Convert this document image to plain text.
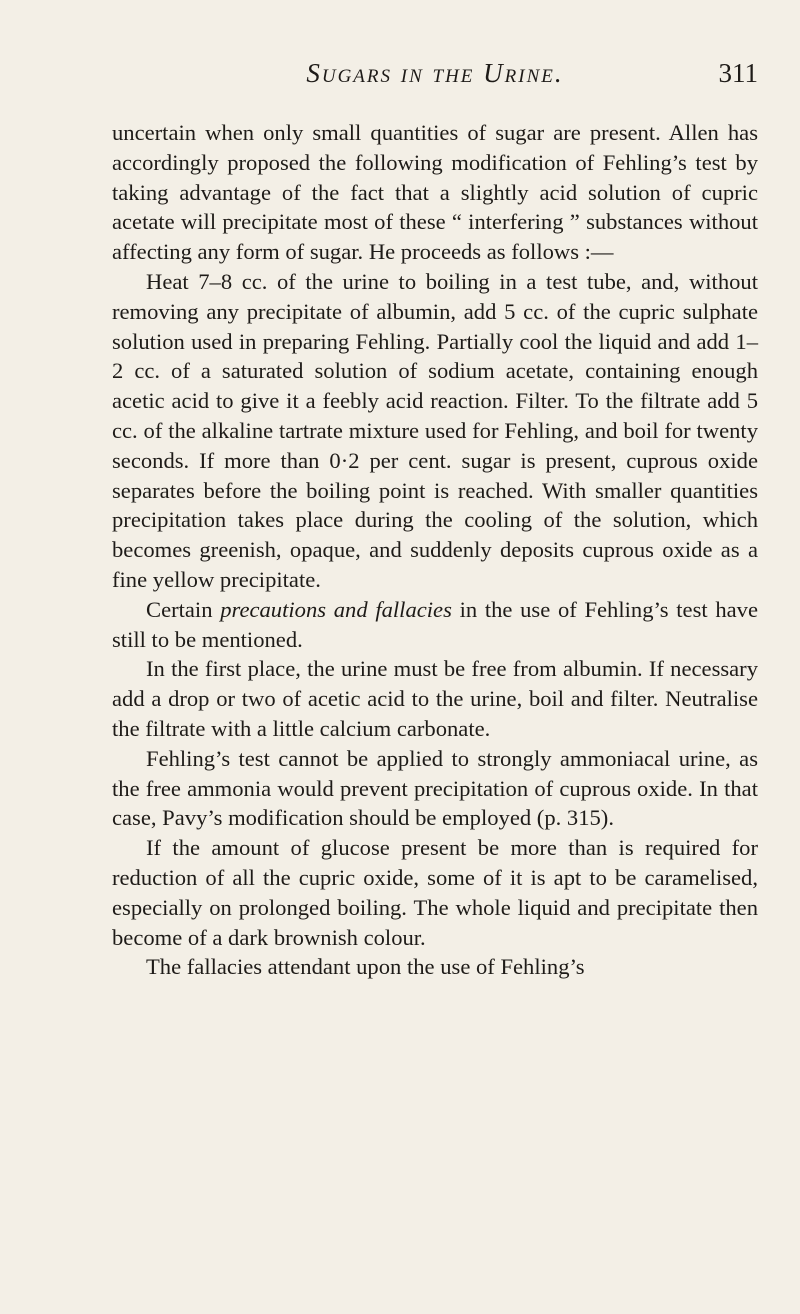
Sugars in the Urine.	311

uncertain when only small quantities of sugar are present. Allen has accordingly proposed the following modification of Fehling’s test by taking advantage of the fact that a slightly acid solution of cupric acetate will precipitate most of these “ interfering ” substances without affecting any form of sugar. He proceeds as follows :—

Heat 7–8 cc. of the urine to boiling in a test tube, and, without removing any precipitate of albumin, add 5 cc. of the cupric sulphate solution used in preparing Fehling. Partially cool the liquid and add 1–2 cc. of a saturated solution of sodium acetate, containing enough acetic acid to give it a feebly acid reaction. Filter. To the filtrate add 5 cc. of the alkaline tartrate mixture used for Fehling, and boil for twenty seconds. If more than 0·2 per cent. sugar is present, cuprous oxide separates before the boiling point is reached. With smaller quantities precipitation takes place during the cooling of the solution, which becomes greenish, opaque, and suddenly deposits cuprous oxide as a fine yellow precipitate.

Certain precautions and fallacies in the use of Fehling’s test have still to be mentioned.

In the first place, the urine must be free from albumin. If necessary add a drop or two of acetic acid to the urine, boil and filter. Neutralise the filtrate with a little calcium carbonate.

Fehling’s test cannot be applied to strongly ammoniacal urine, as the free ammonia would prevent precipitation of cuprous oxide. In that case, Pavy’s modification should be employed (p. 315).

If the amount of glucose present be more than is required for reduction of all the cupric oxide, some of it is apt to be caramelised, especially on prolonged boiling. The whole liquid and precipitate then become of a dark brownish colour.

The fallacies attendant upon the use of Fehling’s
